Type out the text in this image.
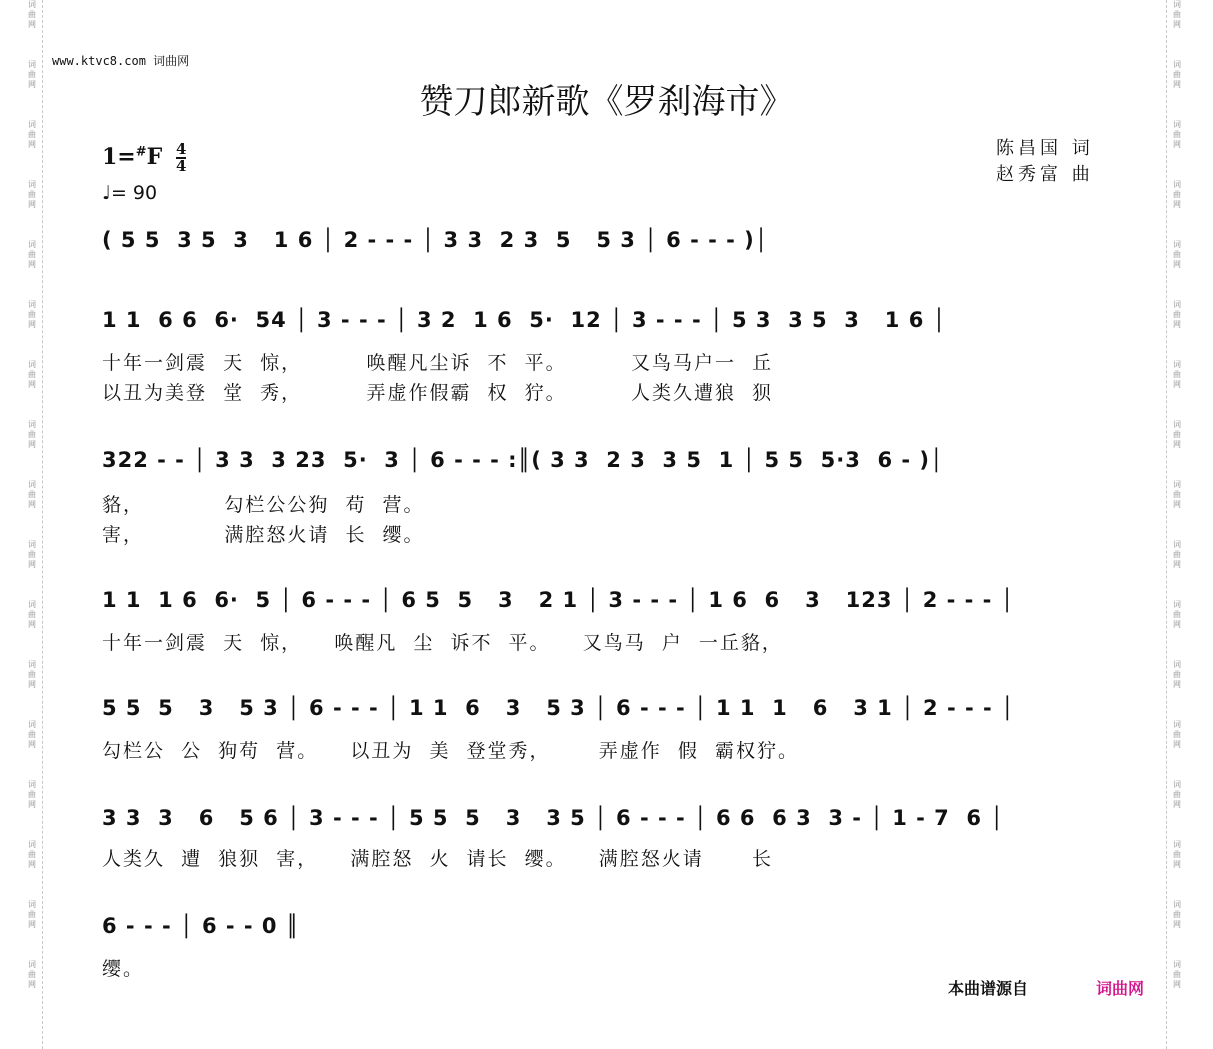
词
曲
网
词
曲
网
词
曲
网
词
曲
网
词
曲
网
词
曲
网
词
曲
网
词
曲
网
词
曲
网
词
曲
网
词
曲
网
词
曲
网
词
曲
网
词
曲
网
词
曲
网
词
曲
网
词
曲
网
词
曲
网
词
曲
网
词
曲
网
词
曲
网
词
曲
网
词
曲
网
词
曲
网
词
曲
网
词
曲
网
词
曲
网
词
曲
网
词
曲
网
词
曲
网
词
曲
网
词
曲
网
词
曲
网
词
曲
网
www.ktvc8.com 词曲网
赞刀郎新歌《罗刹海市》
$1=^{\#}F \frac{4}{4}$
♩= 90
陈昌国 词
赵秀富 曲
( 5 5  3 5  3   1 6 │ 2 - - - │ 3 3  2 3  5   5 3 │ 6 - - - )│
1 1  6 6  6·  54 │ 3 - - - │ 3 2  1 6  5·  12 │ 3 - - - │ 5 3  3 5  3   1 6 │
十年一剑震  天  惊，        唤醒凡尘诉  不  平。        又鸟马户一  丘
以丑为美登  堂  秀，        弄虚作假霸  权  狞。        人类久遭狼  狈
322 - - │ 3 3  3 23  5·  3 │ 6 - - - :║( 3 3  2 3  3 5  1 │ 5 5  5·3  6 - )│
貉，          勾栏公公狗  苟  营。
害，          满腔怒火请  长  缨。
1 1  1 6  6·  5 │ 6 - - - │ 6 5  5   3   2 1 │ 3 - - - │ 1 6  6   3   123 │ 2 - - - │
十年一剑震  天  惊，    唤醒凡  尘  诉不  平。    又鸟马  户  一丘貉，
5 5  5   3   5 3 │ 6 - - - │ 1 1  6   3   5 3 │ 6 - - - │ 1 1  1   6   3 1 │ 2 - - - │
勾栏公  公  狗苟  营。    以丑为  美  登堂秀，      弄虚作  假  霸权狞。
3 3  3   6   5 6 │ 3 - - - │ 5 5  5   3   3 5 │ 6 - - - │ 6 6  6 3  3 - │ 1 - 7  6 │
人类久  遭  狼狈  害，    满腔怒  火  请长  缨。    满腔怒火请      长
6 - - - │ 6 - - 0 ║
缨。
本曲谱源自	词曲网
